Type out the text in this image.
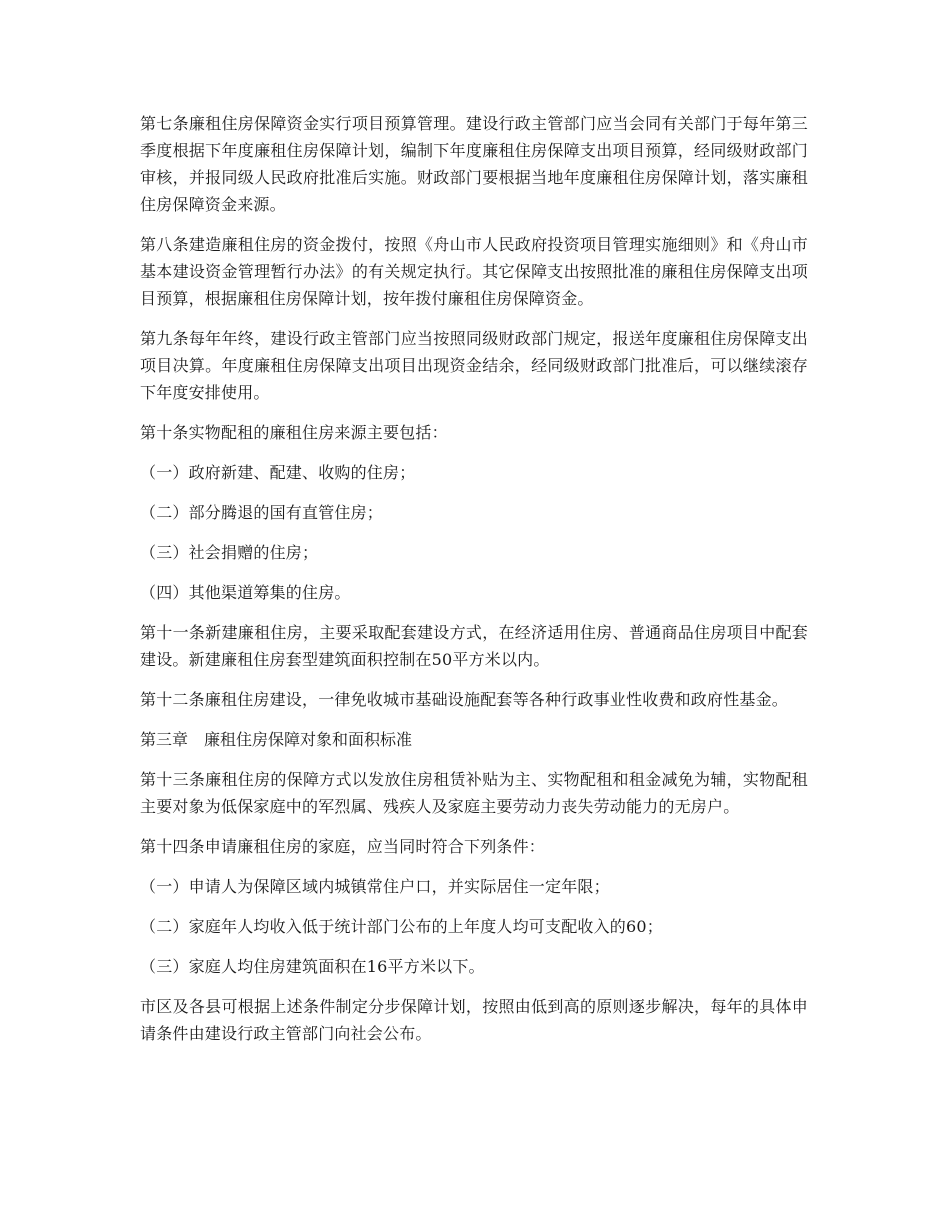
第七条廉租住房保障资金实行项目预算管理。建设行政主管部门应当会同有关部门于每年第三季度根据下年度廉租住房保障计划，编制下年度廉租住房保障支出项目预算，经同级财政部门审核，并报同级人民政府批准后实施。财政部门要根据当地年度廉租住房保障计划，落实廉租住房保障资金来源。

第八条建造廉租住房的资金拨付，按照《舟山市人民政府投资项目管理实施细则》和《舟山市基本建设资金管理暂行办法》的有关规定执行。其它保障支出按照批准的廉租住房保障支出项目预算，根据廉租住房保障计划，按年拨付廉租住房保障资金。

第九条每年年终，建设行政主管部门应当按照同级财政部门规定，报送年度廉租住房保障支出项目决算。年度廉租住房保障支出项目出现资金结余，经同级财政部门批准后，可以继续滚存下年度安排使用。

第十条实物配租的廉租住房来源主要包括：

（一）政府新建、配建、收购的住房；

（二）部分腾退的国有直管住房；

（三）社会捐赠的住房；

（四）其他渠道筹集的住房。

第十一条新建廉租住房，主要采取配套建设方式，在经济适用住房、普通商品住房项目中配套建设。新建廉租住房套型建筑面积控制在50平方米以内。

第十二条廉租住房建设，一律免收城市基础设施配套等各种行政事业性收费和政府性基金。

第三章　廉租住房保障对象和面积标准

第十三条廉租住房的保障方式以发放住房租赁补贴为主、实物配租和租金减免为辅，实物配租主要对象为低保家庭中的军烈属、残疾人及家庭主要劳动力丧失劳动能力的无房户。

第十四条申请廉租住房的家庭，应当同时符合下列条件：

（一）申请人为保障区域内城镇常住户口，并实际居住一定年限；

（二）家庭年人均收入低于统计部门公布的上年度人均可支配收入的60；

（三）家庭人均住房建筑面积在16平方米以下。

市区及各县可根据上述条件制定分步保障计划，按照由低到高的原则逐步解决，每年的具体申请条件由建设行政主管部门向社会公布。
